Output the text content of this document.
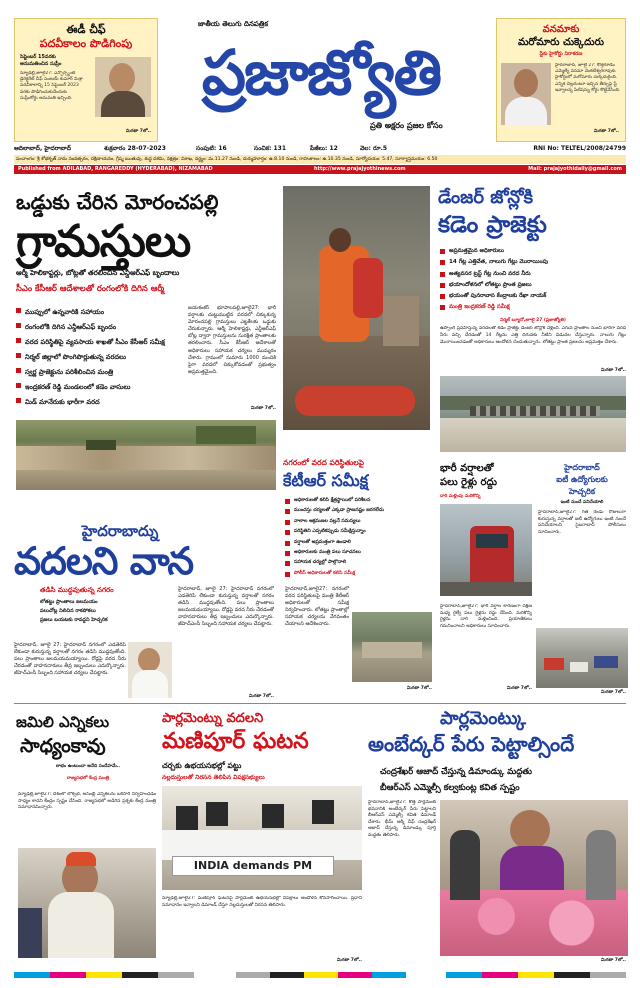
ఈడీ చీఫ్
పదవీకాలం పొడిగింపు
సెప్టెంబర్ 15వరకు
అనుమతించిన సుప్రీం
న్యూఢిల్లీ,జూలై27: ఎన్ఫోర్స్మెంట్ డైరెక్టరేట్ చీఫ్ సంజయ్ కుమార్ మిశ్రా పదవీకాలాన్ని 15 సెప్టెంబర్ 2023 వరకు పొడిగించుకునేందుకు సుప్రీంకోర్టు అనుమతి ఇచ్చింది.
మిగతా 7లో..
జాతీయ తెలుగు దినపత్రిక
ప్రజాజ్యోతి
ప్రతి అక్షరం ప్రజల కోసం
వనమాకు
మరోమారు చుక్కెదురు
స్టేకు హైకోర్టు నిరాకరణ
హైదరాబాద్, జూలై 27: కొత్తగూడెం ఎమ్మెల్యే వనమా వెంకటేశ్వరరావుకు హైకోర్టులో మరోమారు చుక్కెదురైంది. ఎన్నిక చెల్లదంటూ ఇచ్చిన తీర్పుపై స్టే ఇవ్వాలన్న పిటిషన్ను కోర్టు కొట్టివేసింది.
మిగతా 7లో..
ఆదిలాబాద్, హైదరాబాద్	శుక్రవారం 28-07-2023	సంపుటి: 16	సంచిక: 131	పేజీలు: 12	వెల: రూ.5	RNI No: TELTEL/2008/24799
పంచాంగం: శ్రీ శోభకృత్ నామ సంవత్సరం, దక్షిణాయనం, గ్రీష్మ ఋతువు, శుద్ధ దశమి, నక్షత్రం: విశాఖ, వర్జ్యం: మ.11.27 నుండి, దుర్ముహూర్తం: ఉ.8.10 నుండి, రాహుకాలం: ఉ.10.35 నుండి, సూర్యోదయం: 5.47, సూర్యాస్తమయం: 6.50
Published from ADILABAD, RANGAREDDY (HYDERABAD), NIZAMABAD	http://www.prajajyothinews.com	Mail: prajajyothidaily@gmail.com
ఒడ్డుకు చేరిన మోరంచపల్లి
గ్రామస్తులు
ఆర్మీ హెలికాప్టర్లు, బోట్లతో తరలించిన ఎన్డీఆర్ఎఫ్ బృందాలు
సీఎం కేసీఆర్ ఆదేశాలతో రంగంలోకి దిగిన ఆర్మీ
ముప్పులో ఉన్నవారికి సహాయం
రంగంలోకి దిగిన ఎన్డీఆర్ఎఫ్ బృందం
వరద పరిస్థితిపై వ్యవసాయ శాఖతో సీఎం కేసీఆర్ సమీక్ష
నిర్మల్ జిల్లాలో పొంగిపొర్లుతున్న వరదలు
స్వర్ణ ప్రాజెక్టును పరిశీలించిన మంత్రి
ఇంద్రకరణ్ రెడ్డి మండలంలో కడెం వాసులు
మిడ్ మానేరుకు భారీగా వరద
జయశంకర్ భూపాలపల్లి,జూలై27: భారీ వర్షాలకు చుట్టుముట్టిన వరదలో చిక్కుకున్న మోరంచపల్లి గ్రామస్తులు ఎట్టకేలకు ఒడ్డుకు చేరుకున్నారు. ఆర్మీ హెలికాప్టర్లు, ఎన్డీఆర్ఎఫ్ బోట్ల ద్వారా గ్రామస్తులను సురక్షిత ప్రాంతాలకు తరలించారు. సీఎం కేసీఆర్ ఆదేశాలతో అధికారులు సహాయక చర్యలు ముమ్మరం చేశారు. గ్రామంలో సుమారు 1000 మందికి పైగా వరదలో చిక్కుకోవడంతో ప్రభుత్వం అప్రమత్తమైంది.
మిగతా 7లో..
డేంజర్ జోన్లోకి
కడెం ప్రాజెక్టు
అప్రమత్తమైన అధికారులు
14 గేట్ల ఎత్తివేత, నాలుగు గేట్లు మొరాయింపు
అత్యవసర ట్రస్ట్ గేట్ల నుంచి వరద నీరు
భయాందోళనలో లోతట్టు ప్రాంత ప్రజలు
భయంతో పునరావాస కేంద్రాలకు రేఖా నాయక్
మంత్రి ఇంద్రకరణ్ రెడ్డి సమీక్ష
నిర్మల్ బ్యూరో,జూలై 27 (ప్రజాజ్యోతి)
ఉప్పొంగి ప్రవహిస్తున్న వరదలతో కడెం ప్రాజెక్టు డేంజర్ జోన్లోకి వెళ్లింది. ఎగువ ప్రాంతాల నుంచి భారీగా వరద నీరు వచ్చి చేరడంతో 14 గేట్లను ఎత్తి దిగువకు నీటిని విడుదల చేస్తున్నారు. నాలుగు గేట్లు మొరాయించడంతో అధికారులు ఆందోళన చెందుతున్నారు. లోతట్టు ప్రాంత ప్రజలను అప్రమత్తం చేశారు.
మిగతా 7లో..
హైదరాబాద్ను
వదలని వాన
తడిసి ముద్దవుతున్న నగరం
లోతట్టు ప్రాంతాలు జలమయం
పలుచోట్ల నిలిచిన రాకపోకలు
ప్రజలు బయటకు రావద్దని హెచ్చరిక
హైదరాబాద్, జూలై 27: హైదరాబాద్ నగరంలో ఎడతెరిపి లేకుండా కురుస్తున్న వర్షాలతో నగరం తడిసి ముద్దవుతోంది. పలు ప్రాంతాలు జలమయమయ్యాయి. రోడ్లపై వరద నీరు చేరడంతో వాహనదారులు తీవ్ర ఇబ్బందులు ఎదుర్కొన్నారు. జీహెచ్ఎంసీ సిబ్బంది సహాయక చర్యలు చేపట్టారు.
హైదరాబాద్, జూలై 27: హైదరాబాద్ నగరంలో ఎడతెరిపి లేకుండా కురుస్తున్న వర్షాలతో నగరం తడిసి ముద్దవుతోంది. పలు ప్రాంతాలు జలమయమయ్యాయి. రోడ్లపై వరద నీరు చేరడంతో వాహనదారులు తీవ్ర ఇబ్బందులు ఎదుర్కొన్నారు. జీహెచ్ఎంసీ సిబ్బంది సహాయక చర్యలు చేపట్టారు.
మిగతా 7లో..
నగరంలో వరద పరిస్థితులపై
కేటీఆర్ సమీక్ష
అధికారులతో కలిసి క్షేత్రస్థాయిలో పరిశీలన
ముందస్తు చర్యలతో ఎక్కడా ప్రాణనష్టం జరగలేదు
నాలాల ఆక్రమణల వల్లనే సమస్యలు
పరిస్థితిని ఎప్పటికప్పుడు సమీక్షిస్తున్నాం
వర్షాలతో అప్రమత్తంగా ఉండాలి
అధికారులకు మంత్రి పలు సూచనలు
సహాయక చర్యల్లో పాల్గొనాలి
పోలీస్ అధికారులతో కలిసి సమీక్ష
హైదరాబాద్,జూలై27: నగరంలో వరద పరిస్థితులపై మంత్రి కేటీఆర్ అధికారులతో సమీక్ష నిర్వహించారు. లోతట్టు ప్రాంతాల్లో సహాయక చర్యలను వేగవంతం చేయాలని ఆదేశించారు.
మిగతా 7లో..
భారీ వర్షాలతో
పలు రైళ్లు రద్దు
దారి మళ్లింపు మరికొన్ని
హైదరాబాద్,జూలై27: భారీ వర్షాల కారణంగా దక్షిణ మధ్య రైల్వే పలు రైళ్లను రద్దు చేసింది. మరికొన్ని రైళ్లను దారి మళ్లించింది. ప్రయాణికులు గమనించాలని అధికారులు సూచించారు.
మిగతా 7లో..
హైదరాబాద్
ఐటీ ఉద్యోగులకు
హెచ్చరిక
ఇంటి నుంచే పనిచేయాలి
హైదరాబాద్,జూలై27: గత రెండు రోజులుగా కురుస్తున్న వర్షాలతో ఐటీ ఉద్యోగులు ఇంటి నుంచే పనిచేయాలని సైబరాబాద్ పోలీసులు సూచించారు.
మిగతా 7లో..
జమిలి ఎన్నికలు
సాధ్యంకావు
లాభం ఉంటుందా అనేది సందేహమే..
రాజ్యసభలో కేంద్ర మంత్రి
న్యూఢిల్లీ,జూలై27: దేశంలో లోక్సభ, అసెంబ్లీ ఎన్నికలను ఒకేసారి నిర్వహించడం సాధ్యం కాదని కేంద్రం స్పష్టం చేసింది. రాజ్యసభలో అడిగిన ప్రశ్నకు కేంద్ర మంత్రి సమాధానమిచ్చారు.
పార్లమెంట్ను వదలని
మణిపూర్ ఘటన
చర్చకు ఉభయసభల్లో పట్టు
నల్లదుస్తులతో నిరసన తెలిపిన విపక్షసభ్యులు
INDIA demands PM
న్యూఢిల్లీ,జూలై27: మణిపూర్ ఘటనపై పార్లమెంట్ ఉభయసభల్లో విపక్షాలు ఆందోళన కొనసాగించాయి. ప్రధాని సమాధానం ఇవ్వాలని డిమాండ్ చేస్తూ నల్లదుస్తులతో నిరసన తెలిపారు.
మిగతా 7లో..
పార్లమెంట్కు
అంబేద్కర్ పేరు పెట్టాల్సిందే
చంద్రశేఖర్ ఆజాద్ చేస్తున్న డిమాండ్కు మద్దతు
బీఆర్ఎస్ ఎమ్మెల్సీ కల్వకుంట్ల కవిత స్పష్టం
హైదరాబాద్,జూలై27: కొత్త పార్లమెంట్ భవనానికి అంబేద్కర్ పేరు పెట్టాలని బీఆర్ఎస్ ఎమ్మెల్సీ కవిత డిమాండ్ చేశారు. భీమ్ ఆర్మీ చీఫ్ చంద్రశేఖర్ ఆజాద్ చేస్తున్న డిమాండ్కు పూర్తి మద్దతు తెలిపారు.
మిగతా 7లో..
